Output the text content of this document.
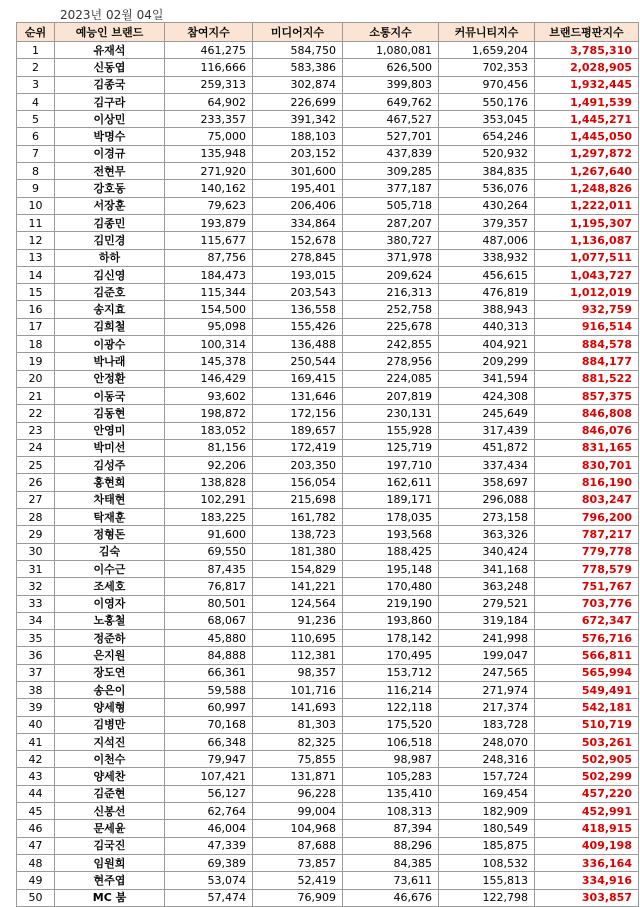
2023년 02월 04일
순위	예능인 브랜드	참여지수	미디어지수	소통지수	커뮤니티지수	브랜드평판지수
1	유재석	461,275	584,750	1,080,081	1,659,204	3,785,310
2	신동엽	116,666	583,386	626,500	702,353	2,028,905
3	김종국	259,313	302,874	399,803	970,456	1,932,445
4	김구라	64,902	226,699	649,762	550,176	1,491,539
5	이상민	233,357	391,342	467,527	353,045	1,445,271
6	박명수	75,000	188,103	527,701	654,246	1,445,050
7	이경규	135,948	203,152	437,839	520,932	1,297,872
8	전현무	271,920	301,600	309,285	384,835	1,267,640
9	강호동	140,162	195,401	377,187	536,076	1,248,826
10	서장훈	79,623	206,406	505,718	430,264	1,222,011
11	김종민	193,879	334,864	287,207	379,357	1,195,307
12	김민경	115,677	152,678	380,727	487,006	1,136,087
13	하하	87,756	278,845	371,978	338,932	1,077,511
14	김신영	184,473	193,015	209,624	456,615	1,043,727
15	김준호	115,344	203,543	216,313	476,819	1,012,019
16	송지효	154,500	136,558	252,758	388,943	932,759
17	김희철	95,098	155,426	225,678	440,313	916,514
18	이광수	100,314	136,488	242,855	404,921	884,578
19	박나래	145,378	250,544	278,956	209,299	884,177
20	안정환	146,429	169,415	224,085	341,594	881,522
21	이동국	93,602	131,646	207,819	424,308	857,375
22	김동현	198,872	172,156	230,131	245,649	846,808
23	안영미	183,052	189,657	155,928	317,439	846,076
24	박미선	81,156	172,419	125,719	451,872	831,165
25	김성주	92,206	203,350	197,710	337,434	830,701
26	홍현희	138,828	156,054	162,611	358,697	816,190
27	차태현	102,291	215,698	189,171	296,088	803,247
28	탁재훈	183,225	161,782	178,035	273,158	796,200
29	정형돈	91,600	138,723	193,568	363,326	787,217
30	김숙	69,550	181,380	188,425	340,424	779,778
31	이수근	87,435	154,829	195,148	341,168	778,579
32	조세호	76,817	141,221	170,480	363,248	751,767
33	이영자	80,501	124,564	219,190	279,521	703,776
34	노홍철	68,067	91,236	193,860	319,184	672,347
35	정준하	45,880	110,695	178,142	241,998	576,716
36	은지원	84,888	112,381	170,495	199,047	566,811
37	장도연	66,361	98,357	153,712	247,565	565,994
38	송은이	59,588	101,716	116,214	271,974	549,491
39	양세형	60,997	141,693	122,118	217,374	542,181
40	김병만	70,168	81,303	175,520	183,728	510,719
41	지석진	66,348	82,325	106,518	248,070	503,261
42	이천수	79,947	75,855	98,987	248,316	502,905
43	양세찬	107,421	131,871	105,283	157,724	502,299
44	김준현	56,127	96,228	135,410	169,454	457,220
45	신봉선	62,764	99,004	108,313	182,909	452,991
46	문세윤	46,004	104,968	87,394	180,549	418,915
47	김국진	47,339	87,688	88,296	185,875	409,198
48	임원희	69,389	73,857	84,385	108,532	336,164
49	현주엽	53,074	52,419	73,611	155,813	334,916
50	MC 붐	57,474	76,909	46,676	122,798	303,857
